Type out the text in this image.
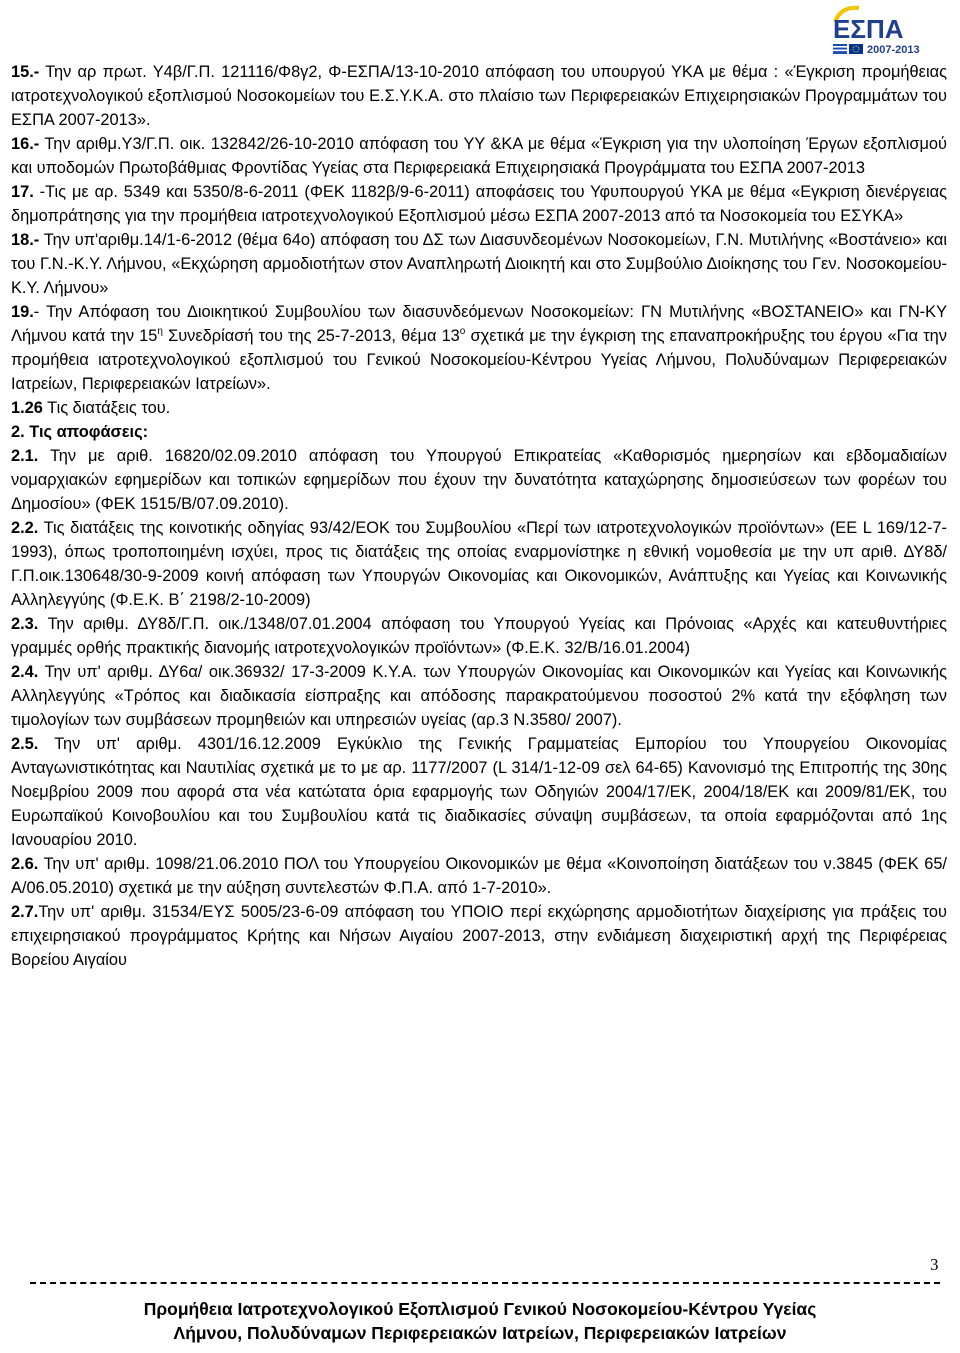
ΕΣΠΑ
2007-2013

15.- Την αρ πρωτ. Υ4β/Γ.Π. 121116/Φ8γ2, Φ-ΕΣΠΑ/13-10-2010 απόφαση του υπουργού ΥΚΑ με θέμα : «Έγκριση προμήθειας ιατροτεχνολογικού εξοπλισμού Νοσοκομείων του Ε.Σ.Υ.Κ.Α. στο πλαίσιο των Περιφερειακών Επιχειρησιακών Προγραμμάτων του ΕΣΠΑ 2007-2013».

16.- Την αριθμ.Υ3/Γ.Π. οικ. 132842/26-10-2010 απόφαση του ΥΥ &ΚΑ με θέμα «Έγκριση για την υλοποίηση Έργων εξοπλισμού και υποδομών Πρωτοβάθμιας Φροντίδας Υγείας στα Περιφερειακά Επιχειρησιακά Προγράμματα του ΕΣΠΑ 2007-2013

17. -Τις με αρ. 5349 και 5350/8-6-2011 (ΦΕΚ 1182β/9-6-2011) αποφάσεις του Υφυπουργού ΥΚΑ με θέμα «Εγκριση διενέργειας δημοπράτησης για την προμήθεια ιατροτεχνολογικού Εξοπλισμού μέσω ΕΣΠΑ 2007-2013 από τα Νοσοκομεία του ΕΣΥΚΑ»

18.- Την υπ'αριθμ.14/1-6-2012 (θέμα 64ο) απόφαση του ΔΣ των Διασυνδεομένων Νοσοκομείων, Γ.Ν. Μυτιλήνης «Βοστάνειο» και του Γ.Ν.-Κ.Υ. Λήμνου, «Εκχώρηση αρμοδιοτήτων στον Αναπληρωτή Διοικητή και στο Συμβούλιο Διοίκησης του Γεν. Νοσοκομείου-Κ.Υ. Λήμνου»

19.- Την Απόφαση του Διοικητικού Συμβουλίου των διασυνδεόμενων Νοσοκομείων: ΓΝ Μυτιλήνης «ΒΟΣΤΑΝΕΙΟ» και ΓΝ-ΚΥ Λήμνου κατά την $15^\eta$ Συνεδρίασή του της 25-7-2013, θέμα $13^o$ σχετικά με την έγκριση της επαναπροκήρυξης του έργου «Για την προμήθεια ιατροτεχνολογικού εξοπλισμού του Γενικού Νοσοκομείου-Κέντρου Υγείας Λήμνου, Πολυδύναμων Περιφερειακών Ιατρείων, Περιφερειακών Ιατρείων».

1.26 Τις διατάξεις του.

2. Τις αποφάσεις:

2.1. Την με αριθ. 16820/02.09.2010 απόφαση του Υπουργού Επικρατείας «Καθορισμός ημερησίων και εβδομαδιαίων νομαρχιακών εφημερίδων και τοπικών εφημερίδων που έχουν την δυνατότητα καταχώρησης δημοσιεύσεων των φορέων του Δημοσίου» (ΦΕΚ 1515/Β/07.09.2010).

2.2. Τις διατάξεις της κοινοτικής οδηγίας 93/42/ΕΟΚ του Συμβουλίου «Περί των ιατροτεχνολογικών προϊόντων» (ΕΕ L 169/12-7-1993), όπως τροποποιημένη ισχύει, προς τις διατάξεις της οποίας εναρμονίστηκε η εθνική νομοθεσία με την υπ αριθ. ΔΥ8δ/Γ.Π.οικ.130648/30-9-2009 κοινή απόφαση των Υπουργών Οικονομίας και Οικονομικών, Ανάπτυξης και Υγείας και Κοινωνικής Αλληλεγγύης (Φ.Ε.Κ. Β΄ 2198/2-10-2009)

2.3. Την αριθμ. ΔΥ8δ/Γ.Π. οικ./1348/07.01.2004 απόφαση του Υπουργού Υγείας και Πρόνοιας «Αρχές και κατευθυντήριες γραμμές ορθής πρακτικής διανομής ιατροτεχνολογικών προϊόντων» (Φ.Ε.Κ. 32/Β/16.01.2004)

2.4. Την υπ' αριθμ. ΔΥ6α/ οικ.36932/ 17-3-2009 Κ.Υ.Α. των Υπουργών Οικονομίας και Οικονομικών και Υγείας και Κοινωνικής Αλληλεγγύης «Τρόπος και διαδικασία είσπραξης και απόδοσης παρακρατούμενου ποσοστού 2% κατά την εξόφληση των τιμολογίων των συμβάσεων προμηθειών και υπηρεσιών υγείας (αρ.3 Ν.3580/ 2007).

2.5. Την υπ' αριθμ. 4301/16.12.2009 Εγκύκλιο της Γενικής Γραμματείας Εμπορίου του Υπουργείου Οικονομίας Ανταγωνιστικότητας και Ναυτιλίας σχετικά με το με αρ. 1177/2007 (L 314/1-12-09 σελ 64-65) Κανονισμό της Επιτροπής της 30ης Νοεμβρίου 2009 που αφορά στα νέα κατώτατα όρια εφαρμογής των Οδηγιών 2004/17/ΕΚ, 2004/18/ΕΚ και 2009/81/ΕΚ, του Ευρωπαϊκού Κοινοβουλίου και του Συμβουλίου κατά τις διαδικασίες σύναψη συμβάσεων, τα οποία εφαρμόζονται από 1ης Ιανουαρίου 2010.

2.6. Την υπ' αριθμ. 1098/21.06.2010 ΠΟΛ του Υπουργείου Οικονομικών με θέμα «Κοινοποίηση διατάξεων του ν.3845 (ΦΕΚ 65/Α/06.05.2010) σχετικά με την αύξηση συντελεστών Φ.Π.Α. από 1-7-2010».

2.7.Την υπ' αριθμ. 31534/ΕΥΣ 5005/23-6-09 απόφαση του ΥΠΟΙΟ περί εκχώρησης αρμοδιοτήτων διαχείρισης για πράξεις του επιχειρησιακού προγράμματος Κρήτης και Νήσων Αιγαίου 2007-2013, στην ενδιάμεση διαχειριστική αρχή της Περιφέρειας Βορείου Αιγαίου

3
Προμήθεια Ιατροτεχνολογικού Εξοπλισμού Γενικού Νοσοκομείου-Κέντρου Υγείας
Λήμνου, Πολυδύναμων Περιφερειακών Ιατρείων, Περιφερειακών Ιατρείων
